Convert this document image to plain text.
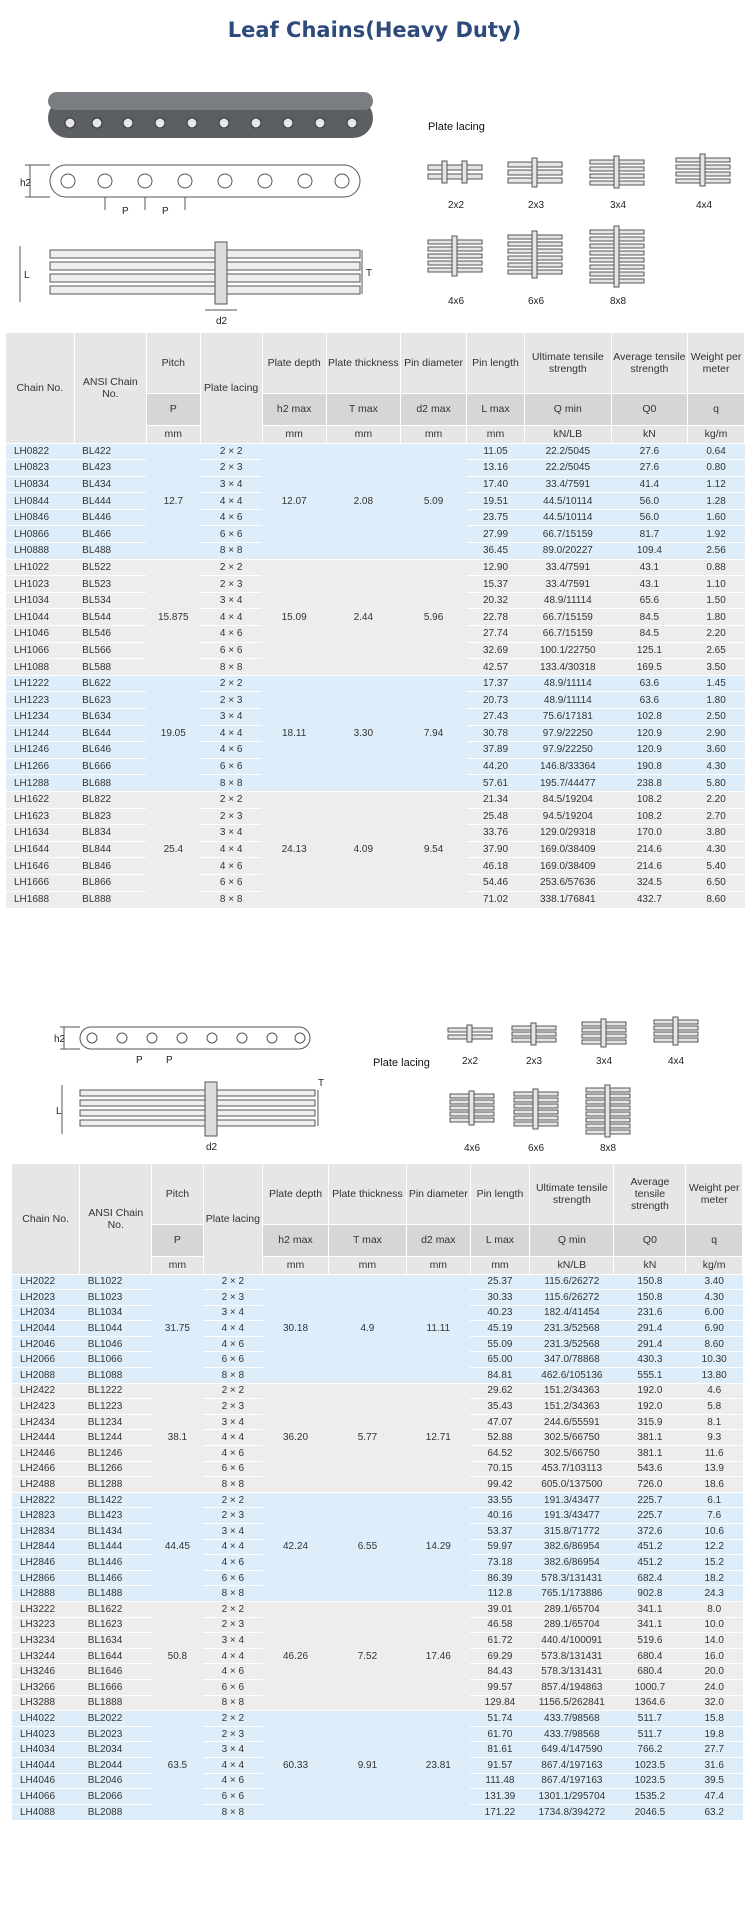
Leaf Chains(Heavy Duty)
h2
P	P
L	T
d2
Plate lacing
2x2	2x3	3x4	4x4
4x6	6x6	8x8
Chain No.	ANSI Chain No.	Pitch	Plate lacing	Plate depth	Plate thickness	Pin diameter	Pin length	Ultimate tensile strength	Average tensile strength	Weight per meter
		P		h2 max	T max	d2 max	L max	Q min	Q0	q
		mm		mm	mm	mm	mm	kN/LB	kN	kg/m
LH0822	BL422	12.7	2 × 2	12.07	2.08	5.09	11.05	22.2/5045	27.6	0.64
LH0823	BL423		2 × 3				13.16	22.2/5045	27.6	0.80
LH0834	BL434		3 × 4				17.40	33.4/7591	41.4	1.12
LH0844	BL444		4 × 4				19.51	44.5/10114	56.0	1.28
LH0846	BL446		4 × 6				23.75	44.5/10114	56.0	1.60
LH0866	BL466		6 × 6				27.99	66.7/15159	81.7	1.92
LH0888	BL488		8 × 8				36.45	89.0/20227	109.4	2.56
LH1022	BL522	15.875	2 × 2	15.09	2.44	5.96	12.90	33.4/7591	43.1	0.88
LH1023	BL523		2 × 3				15.37	33.4/7591	43.1	1.10
LH1034	BL534		3 × 4				20.32	48.9/11114	65.6	1.50
LH1044	BL544		4 × 4				22.78	66.7/15159	84.5	1.80
LH1046	BL546		4 × 6				27.74	66.7/15159	84.5	2.20
LH1066	BL566		6 × 6				32.69	100.1/22750	125.1	2.65
LH1088	BL588		8 × 8				42.57	133.4/30318	169.5	3.50
LH1222	BL622	19.05	2 × 2	18.11	3.30	7.94	17.37	48.9/11114	63.6	1.45
LH1223	BL623		2 × 3				20.73	48.9/11114	63.6	1.80
LH1234	BL634		3 × 4				27.43	75.6/17181	102.8	2.50
LH1244	BL644		4 × 4				30.78	97.9/22250	120.9	2.90
LH1246	BL646		4 × 6				37.89	97.9/22250	120.9	3.60
LH1266	BL666		6 × 6				44.20	146.8/33364	190.8	4.30
LH1288	BL688		8 × 8				57.61	195.7/44477	238.8	5.80
LH1622	BL822	25.4	2 × 2	24.13	4.09	9.54	21.34	84.5/19204	108.2	2.20
LH1623	BL823		2 × 3				25.48	94.5/19204	108.2	2.70
LH1634	BL834		3 × 4				33.76	129.0/29318	170.0	3.80
LH1644	BL844		4 × 4				37.90	169.0/38409	214.6	4.30
LH1646	BL846		4 × 6				46.18	169.0/38409	214.6	5.40
LH1666	BL866		6 × 6				54.46	253.6/57636	324.5	6.50
LH1688	BL888		8 × 8				71.02	338.1/76841	432.7	8.60
h2
P P
L
T
d2
Plate lacing	2x2	2x3	3x4	4x4
4x6	6x6	8x8
Chain No.	ANSI Chain No.	Pitch	Plate lacing	Plate depth	Plate thickness	Pin diameter	Pin length	Ultimate tensile strength	Average tensile strength	Weight per meter
		P		h2 max	T max	d2 max	L max	Q min	Q0	q
		mm		mm	mm	mm	mm	kN/LB	kN	kg/m
LH2022	BL1022	31.75	2 × 2	30.18	4.9	11.11	25.37	115.6/26272	150.8	3.40
LH2023	BL1023		2 × 3				30.33	115.6/26272	150.8	4.30
LH2034	BL1034		3 × 4				40.23	182.4/41454	231.6	6.00
LH2044	BL1044		4 × 4				45.19	231.3/52568	291.4	6.90
LH2046	BL1046		4 × 6				55.09	231.3/52568	291.4	8.60
LH2066	BL1066		6 × 6				65.00	347.0/78868	430.3	10.30
LH2088	BL1088		8 × 8				84.81	462.6/105136	555.1	13.80
LH2422	BL1222	38.1	2 × 2	36.20	5.77	12.71	29.62	151.2/34363	192.0	4.6
LH2423	BL1223		2 × 3				35.43	151.2/34363	192.0	5.8
LH2434	BL1234		3 × 4				47.07	244.6/55591	315.9	8.1
LH2444	BL1244		4 × 4				52.88	302.5/66750	381.1	9.3
LH2446	BL1246		4 × 6				64.52	302.5/66750	381.1	11.6
LH2466	BL1266		6 × 6				70.15	453.7/103113	543.6	13.9
LH2488	BL1288		8 × 8				99.42	605.0/137500	726.0	18.6
LH2822	BL1422	44.45	2 × 2	42.24	6.55	14.29	33.55	191.3/43477	225.7	6.1
LH2823	BL1423		2 × 3				40.16	191.3/43477	225.7	7.6
LH2834	BL1434		3 × 4				53.37	315.8/71772	372.6	10.6
LH2844	BL1444		4 × 4				59.97	382.6/86954	451.2	12.2
LH2846	BL1446		4 × 6				73.18	382.6/86954	451.2	15.2
LH2866	BL1466		6 × 6				86.39	578.3/131431	682.4	18.2
LH2888	BL1488		8 × 8				112.8	765.1/173886	902.8	24.3
LH3222	BL1622	50.8	2 × 2	46.26	7.52	17.46	39.01	289.1/65704	341.1	8.0
LH3223	BL1623		2 × 3				46.58	289.1/65704	341.1	10.0
LH3234	BL1634		3 × 4				61.72	440.4/100091	519.6	14.0
LH3244	BL1644		4 × 4				69.29	573.8/131431	680.4	16.0
LH3246	BL1646		4 × 6				84.43	578.3/131431	680.4	20.0
LH3266	BL1666		6 × 6				99.57	857.4/194863	1000.7	24.0
LH3288	BL1888		8 × 8				129.84	1156.5/262841	1364.6	32.0
LH4022	BL2022	63.5	2 × 2	60.33	9.91	23.81	51.74	433.7/98568	511.7	15.8
LH4023	BL2023		2 × 3				61.70	433.7/98568	511.7	19.8
LH4034	BL2034		3 × 4				81.61	649.4/147590	766.2	27.7
LH4044	BL2044		4 × 4				91.57	867.4/197163	1023.5	31.6
LH4046	BL2046		4 × 6				111.48	867.4/197163	1023.5	39.5
LH4066	BL2066		6 × 6				131.39	1301.1/295704	1535.2	47.4
LH4088	BL2088		8 × 8				171.22	1734.8/394272	2046.5	63.2
